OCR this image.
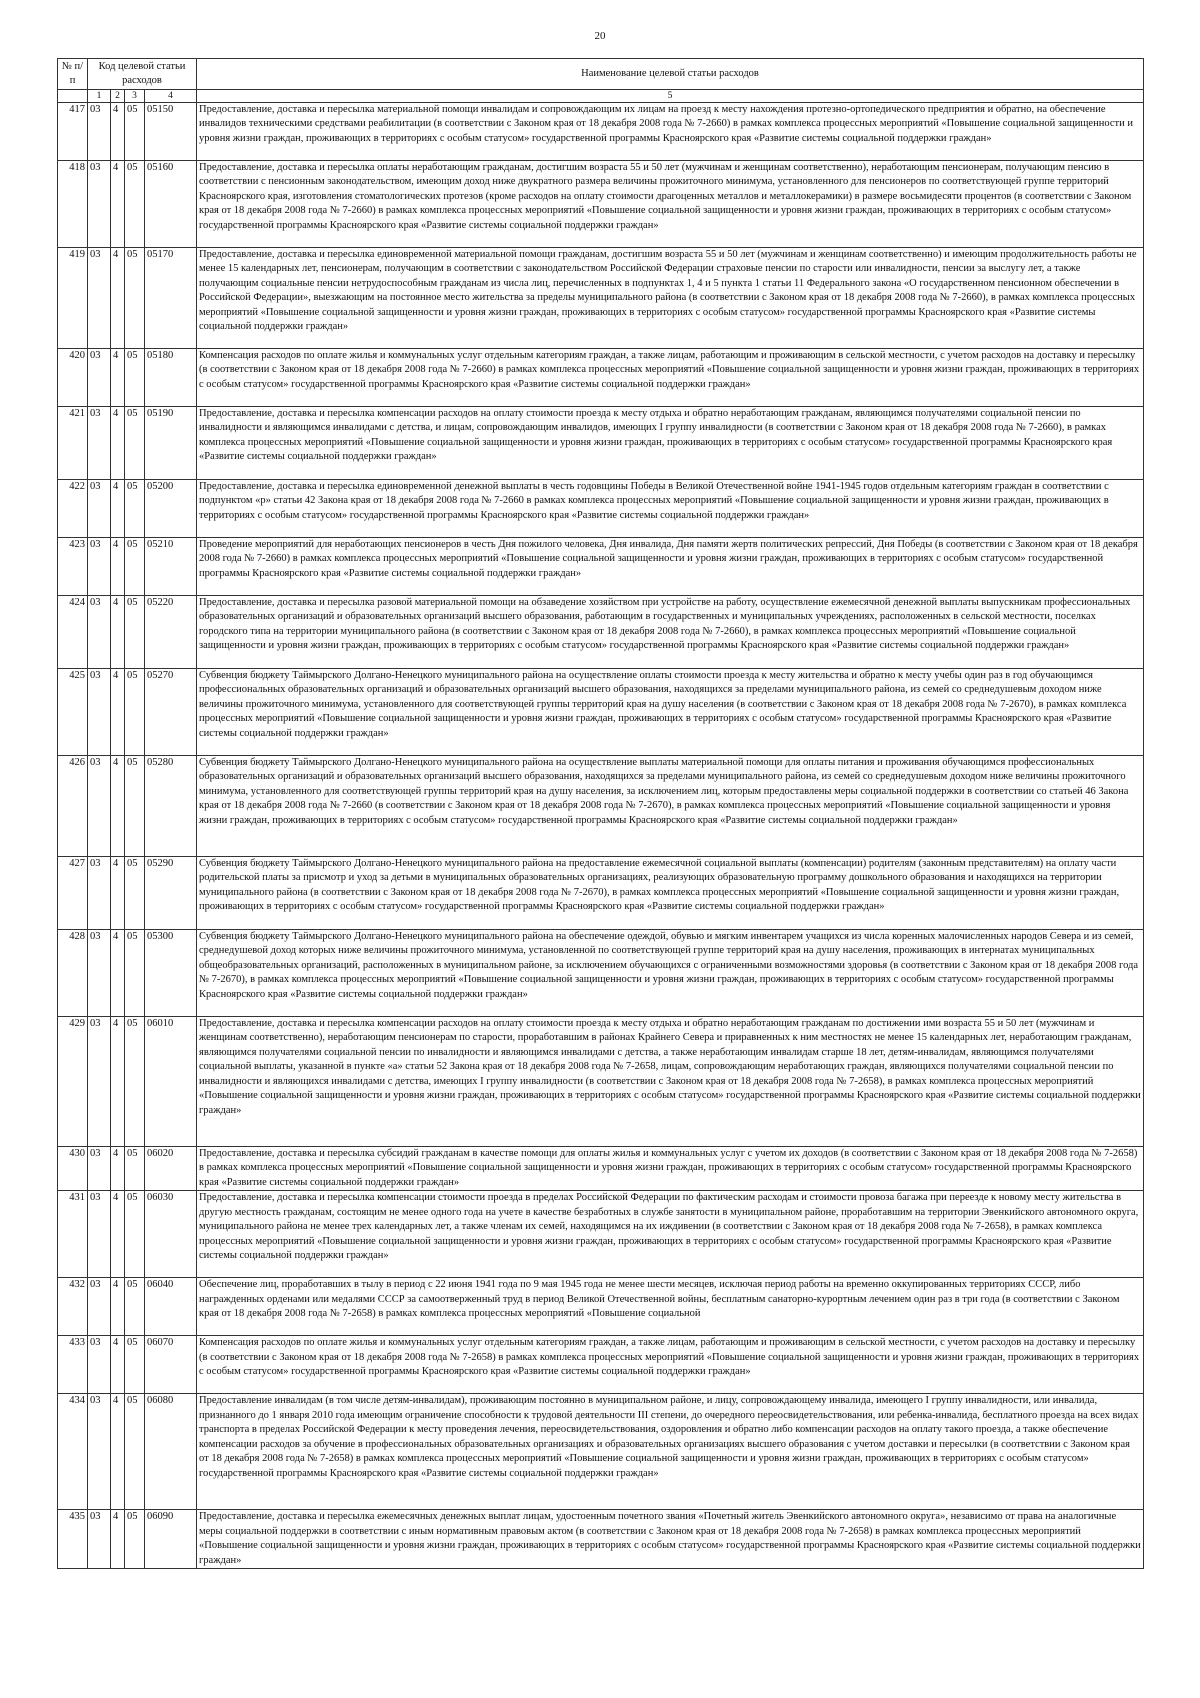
20
№ п/п	Код целевой статьи расходов				Наименование целевой статьи расходов

	1	2	3	4	5
417	03	4	05	05150	Предоставление, доставка и пересылка материальной помощи инвалидам и сопровождающим их лицам на проезд к месту нахождения протезно-ортопедического предприятия и обратно, на обеспечение инвалидов техническими средствами реабилитации (в соответствии с Законом края от 18 декабря 2008 года № 7-2660) в рамках комплекса процессных мероприятий «Повышение социальной защищенности и уровня жизни граждан, проживающих в территориях с особым статусом» государственной программы Красноярского края «Развитие системы социальной поддержки граждан»
418	03	4	05	05160	Предоставление, доставка и пересылка оплаты неработающим гражданам, достигшим возраста 55 и 50 лет (мужчинам и женщинам соответственно), неработающим пенсионерам, получающим пенсию в соответствии с пенсионным законодательством, имеющим доход ниже двукратного размера величины прожиточного минимума, установленного для пенсионеров по соответствующей группе территорий Красноярского края, изготовления стоматологических протезов (кроме расходов на оплату стоимости драгоценных металлов и металлокерамики) в размере восьмидесяти процентов (в соответствии с Законом края от 18 декабря 2008 года № 7-2660) в рамках комплекса процессных мероприятий «Повышение социальной защищенности и уровня жизни граждан, проживающих в территориях с особым статусом» государственной программы Красноярского края «Развитие системы социальной поддержки граждан»
419	03	4	05	05170	Предоставление, доставка и пересылка единовременной материальной помощи гражданам, достигшим возраста 55 и 50 лет (мужчинам и женщинам соответственно) и имеющим продолжительность работы не менее 15 календарных лет, пенсионерам, получающим в соответствии с законодательством Российской Федерации страховые пенсии по старости или инвалидности, пенсии за выслугу лет, а также получающим социальные пенсии нетрудоспособным гражданам из числа лиц, перечисленных в подпунктах 1, 4 и 5 пункта 1 статьи 11 Федерального закона «О государственном пенсионном обеспечении в Российской Федерации», выезжающим на постоянное место жительства за пределы муниципального района (в соответствии с Законом края от 18 декабря 2008 года № 7-2660), в рамках комплекса процессных мероприятий «Повышение социальной защищенности и уровня жизни граждан, проживающих в территориях с особым статусом» государственной программы Красноярского края «Развитие системы социальной поддержки граждан»
420	03	4	05	05180	Компенсация расходов по оплате жилья и коммунальных услуг отдельным категориям граждан, а также лицам, работающим и проживающим в сельской местности, с учетом расходов на доставку и пересылку (в соответствии с Законом края от 18 декабря 2008 года № 7-2660) в рамках комплекса процессных мероприятий «Повышение социальной защищенности и уровня жизни граждан, проживающих в территориях с особым статусом» государственной программы Красноярского края «Развитие системы социальной поддержки граждан»
421	03	4	05	05190	Предоставление, доставка и пересылка компенсации расходов на оплату стоимости проезда к месту отдыха и обратно неработающим гражданам, являющимся получателями социальной пенсии по инвалидности и являющимся инвалидами с детства, и лицам, сопровождающим инвалидов, имеющих I группу инвалидности (в соответствии с Законом края от 18 декабря 2008 года № 7-2660), в рамках комплекса процессных мероприятий «Повышение социальной защищенности и уровня жизни граждан, проживающих в территориях с особым статусом» государственной программы Красноярского края «Развитие системы социальной поддержки граждан»
422	03	4	05	05200	Предоставление, доставка и пересылка единовременной денежной выплаты в честь годовщины Победы в Великой Отечественной войне 1941-1945 годов отдельным категориям граждан в соответствии с подпунктом «р» статьи 42 Закона края от 18 декабря 2008 года № 7-2660 в рамках комплекса процессных мероприятий «Повышение социальной защищенности и уровня жизни граждан, проживающих в территориях с особым статусом» государственной программы Красноярского края «Развитие системы социальной поддержки граждан»
423	03	4	05	05210	Проведение мероприятий для неработающих пенсионеров в честь Дня пожилого человека, Дня инвалида, Дня памяти жертв политических репрессий, Дня Победы (в соответствии с Законом края от 18 декабря 2008 года № 7-2660) в рамках комплекса процессных мероприятий «Повышение социальной защищенности и уровня жизни граждан, проживающих в территориях с особым статусом» государственной программы Красноярского края «Развитие системы социальной поддержки граждан»
424	03	4	05	05220	Предоставление, доставка и пересылка разовой материальной помощи на обзаведение хозяйством при устройстве на работу, осуществление ежемесячной денежной выплаты выпускникам профессиональных образовательных организаций и образовательных организаций высшего образования, работающим в государственных и муниципальных учреждениях, расположенных в сельской местности, поселках городского типа на территории муниципального района (в соответствии с Законом края от 18 декабря 2008 года № 7-2660), в рамках комплекса процессных мероприятий «Повышение социальной защищенности и уровня жизни граждан, проживающих в территориях с особым статусом» государственной программы Красноярского края «Развитие системы социальной поддержки граждан»
425	03	4	05	05270	Субвенция бюджету Таймырского Долгано-Ненецкого муниципального района на осуществление оплаты стоимости проезда к месту жительства и обратно к месту учебы один раз в год обучающимся профессиональных образовательных организаций и образовательных организаций высшего образования, находящихся за пределами муниципального района, из семей со среднедушевым доходом ниже величины прожиточного минимума, установленного для соответствующей группы территорий края на душу населения (в соответствии с Законом края от 18 декабря 2008 года № 7-2670), в рамках комплекса процессных мероприятий «Повышение социальной защищенности и уровня жизни граждан, проживающих в территориях с особым статусом» государственной программы Красноярского края «Развитие системы социальной поддержки граждан»
426	03	4	05	05280	Субвенция бюджету Таймырского Долгано-Ненецкого муниципального района на осуществление выплаты материальной помощи для оплаты питания и проживания обучающимся профессиональных образовательных организаций и образовательных организаций высшего образования, находящихся за пределами муниципального района, из семей со среднедушевым доходом ниже величины прожиточного минимума, установленного для соответствующей группы территорий края на душу населения, за исключением лиц, которым предоставлены меры социальной поддержки в соответствии со статьей 46 Закона края от 18 декабря 2008 года № 7-2660 (в соответствии с Законом края от 18 декабря 2008 года № 7-2670), в рамках комплекса процессных мероприятий «Повышение социальной защищенности и уровня жизни граждан, проживающих в территориях с особым статусом» государственной программы Красноярского края «Развитие системы социальной поддержки граждан»
427	03	4	05	05290	Субвенция бюджету Таймырского Долгано-Ненецкого муниципального района на предоставление ежемесячной социальной выплаты (компенсации) родителям (законным представителям) на оплату части родительской платы за присмотр и уход за детьми в муниципальных образовательных организациях, реализующих образовательную программу дошкольного образования и находящихся на территории муниципального района (в соответствии с Законом края от 18 декабря 2008 года № 7-2670), в рамках комплекса процессных мероприятий «Повышение социальной защищенности и уровня жизни граждан, проживающих в территориях с особым статусом» государственной программы Красноярского края «Развитие системы социальной поддержки граждан»
428	03	4	05	05300	Субвенция бюджету Таймырского Долгано-Ненецкого муниципального района на обеспечение одеждой, обувью и мягким инвентарем учащихся из числа коренных малочисленных народов Севера и из семей, среднедушевой доход которых ниже величины прожиточного минимума, установленной по соответствующей группе территорий края на душу населения, проживающих в интернатах муниципальных общеобразовательных организаций, расположенных в муниципальном районе, за исключением обучающихся с ограниченными возможностями здоровья (в соответствии с Законом края от 18 декабря 2008 года № 7-2670), в рамках комплекса процессных мероприятий «Повышение социальной защищенности и уровня жизни граждан, проживающих в территориях с особым статусом» государственной программы Красноярского края «Развитие системы социальной поддержки граждан»
429	03	4	05	06010	Предоставление, доставка и пересылка компенсации расходов на оплату стоимости проезда к месту отдыха и обратно неработающим гражданам по достижении ими возраста 55 и 50 лет (мужчинам и женщинам соответственно), неработающим пенсионерам по старости, проработавшим в районах Крайнего Севера и приравненных к ним местностях не менее 15 календарных лет, неработающим гражданам, являющимся получателями социальной пенсии по инвалидности и являющимся инвалидами с детства, а также неработающим инвалидам старше 18 лет, детям-инвалидам, являющимся получателями социальной выплаты, указанной в пункте «а» статьи 52 Закона края от 18 декабря 2008 года № 7-2658, лицам, сопровождающим неработающих граждан, являющихся получателями социальной пенсии по инвалидности и являющихся инвалидами с детства, имеющих I группу инвалидности (в соответствии с Законом края от 18 декабря 2008 года № 7-2658), в рамках комплекса процессных мероприятий «Повышение социальной защищенности и уровня жизни граждан, проживающих в территориях с особым статусом» государственной программы Красноярского края «Развитие системы социальной поддержки граждан»
430	03	4	05	06020	Предоставление, доставка и пересылка субсидий гражданам в качестве помощи для оплаты жилья и коммунальных услуг с учетом их доходов (в соответствии с Законом края от 18 декабря 2008 года № 7-2658) в рамках комплекса процессных мероприятий «Повышение социальной защищенности и уровня жизни граждан, проживающих в территориях с особым статусом» государственной программы Красноярского края «Развитие системы социальной поддержки граждан»
431	03	4	05	06030	Предоставление, доставка и пересылка компенсации стоимости проезда в пределах Российской Федерации по фактическим расходам и стоимости провоза багажа при переезде к новому месту жительства в другую местность гражданам, состоящим не менее одного года на учете в качестве безработных в службе занятости в муниципальном районе, проработавшим на территории Эвенкийского автономного округа, муниципального района не менее трех календарных лет, а также членам их семей, находящимся на их иждивении (в соответствии с Законом края от 18 декабря 2008 года № 7-2658), в рамках комплекса процессных мероприятий «Повышение социальной защищенности и уровня жизни граждан, проживающих в территориях с особым статусом» государственной программы Красноярского края «Развитие системы социальной поддержки граждан»
432	03	4	05	06040	Обеспечение лиц, проработавших в тылу в период с 22 июня 1941 года по 9 мая 1945 года не менее шести месяцев, исключая период работы на временно оккупированных территориях СССР, либо награжденных орденами или медалями СССР за самоотверженный труд в период Великой Отечественной войны, бесплатным санаторно-курортным лечением один раз в три года (в соответствии с Законом края от 18 декабря 2008 года № 7-2658) в рамках комплекса процессных мероприятий «Повышение социальной
433	03	4	05	06070	Компенсация расходов по оплате жилья и коммунальных услуг отдельным категориям граждан, а также лицам, работающим и проживающим в сельской местности, с учетом расходов на доставку и пересылку (в соответствии с Законом края от 18 декабря 2008 года № 7-2658) в рамках комплекса процессных мероприятий «Повышение социальной защищенности и уровня жизни граждан, проживающих в территориях с особым статусом» государственной программы Красноярского края «Развитие системы социальной поддержки граждан»
434	03	4	05	06080	Предоставление инвалидам (в том числе детям-инвалидам), проживающим постоянно в муниципальном районе, и лицу, сопровождающему инвалида, имеющего I группу инвалидности, или инвалида, признанного до 1 января 2010 года имеющим ограничение способности к трудовой деятельности III степени, до очередного переосвидетельствования, или ребенка-инвалида, бесплатного проезда на всех видах транспорта в пределах Российской Федерации к месту проведения лечения, переосвидетельствования, оздоровления и обратно либо компенсации расходов на оплату такого проезда, а также обеспечение компенсации расходов за обучение в профессиональных образовательных организациях и образовательных организациях высшего образования с учетом доставки и пересылки (в соответствии с Законом края от 18 декабря 2008 года № 7-2658) в рамках комплекса процессных мероприятий «Повышение социальной защищенности и уровня жизни граждан, проживающих в территориях с особым статусом» государственной программы Красноярского края «Развитие системы социальной поддержки граждан»
435	03	4	05	06090	Предоставление, доставка и пересылка ежемесячных денежных выплат лицам, удостоенным почетного звания «Почетный житель Эвенкийского автономного округа», независимо от права на аналогичные меры социальной поддержки в соответствии с иным нормативным правовым актом (в соответствии с Законом края от 18 декабря 2008 года № 7-2658) в рамках комплекса процессных мероприятий «Повышение социальной защищенности и уровня жизни граждан, проживающих в территориях с особым статусом» государственной программы Красноярского края «Развитие системы социальной поддержки граждан»
